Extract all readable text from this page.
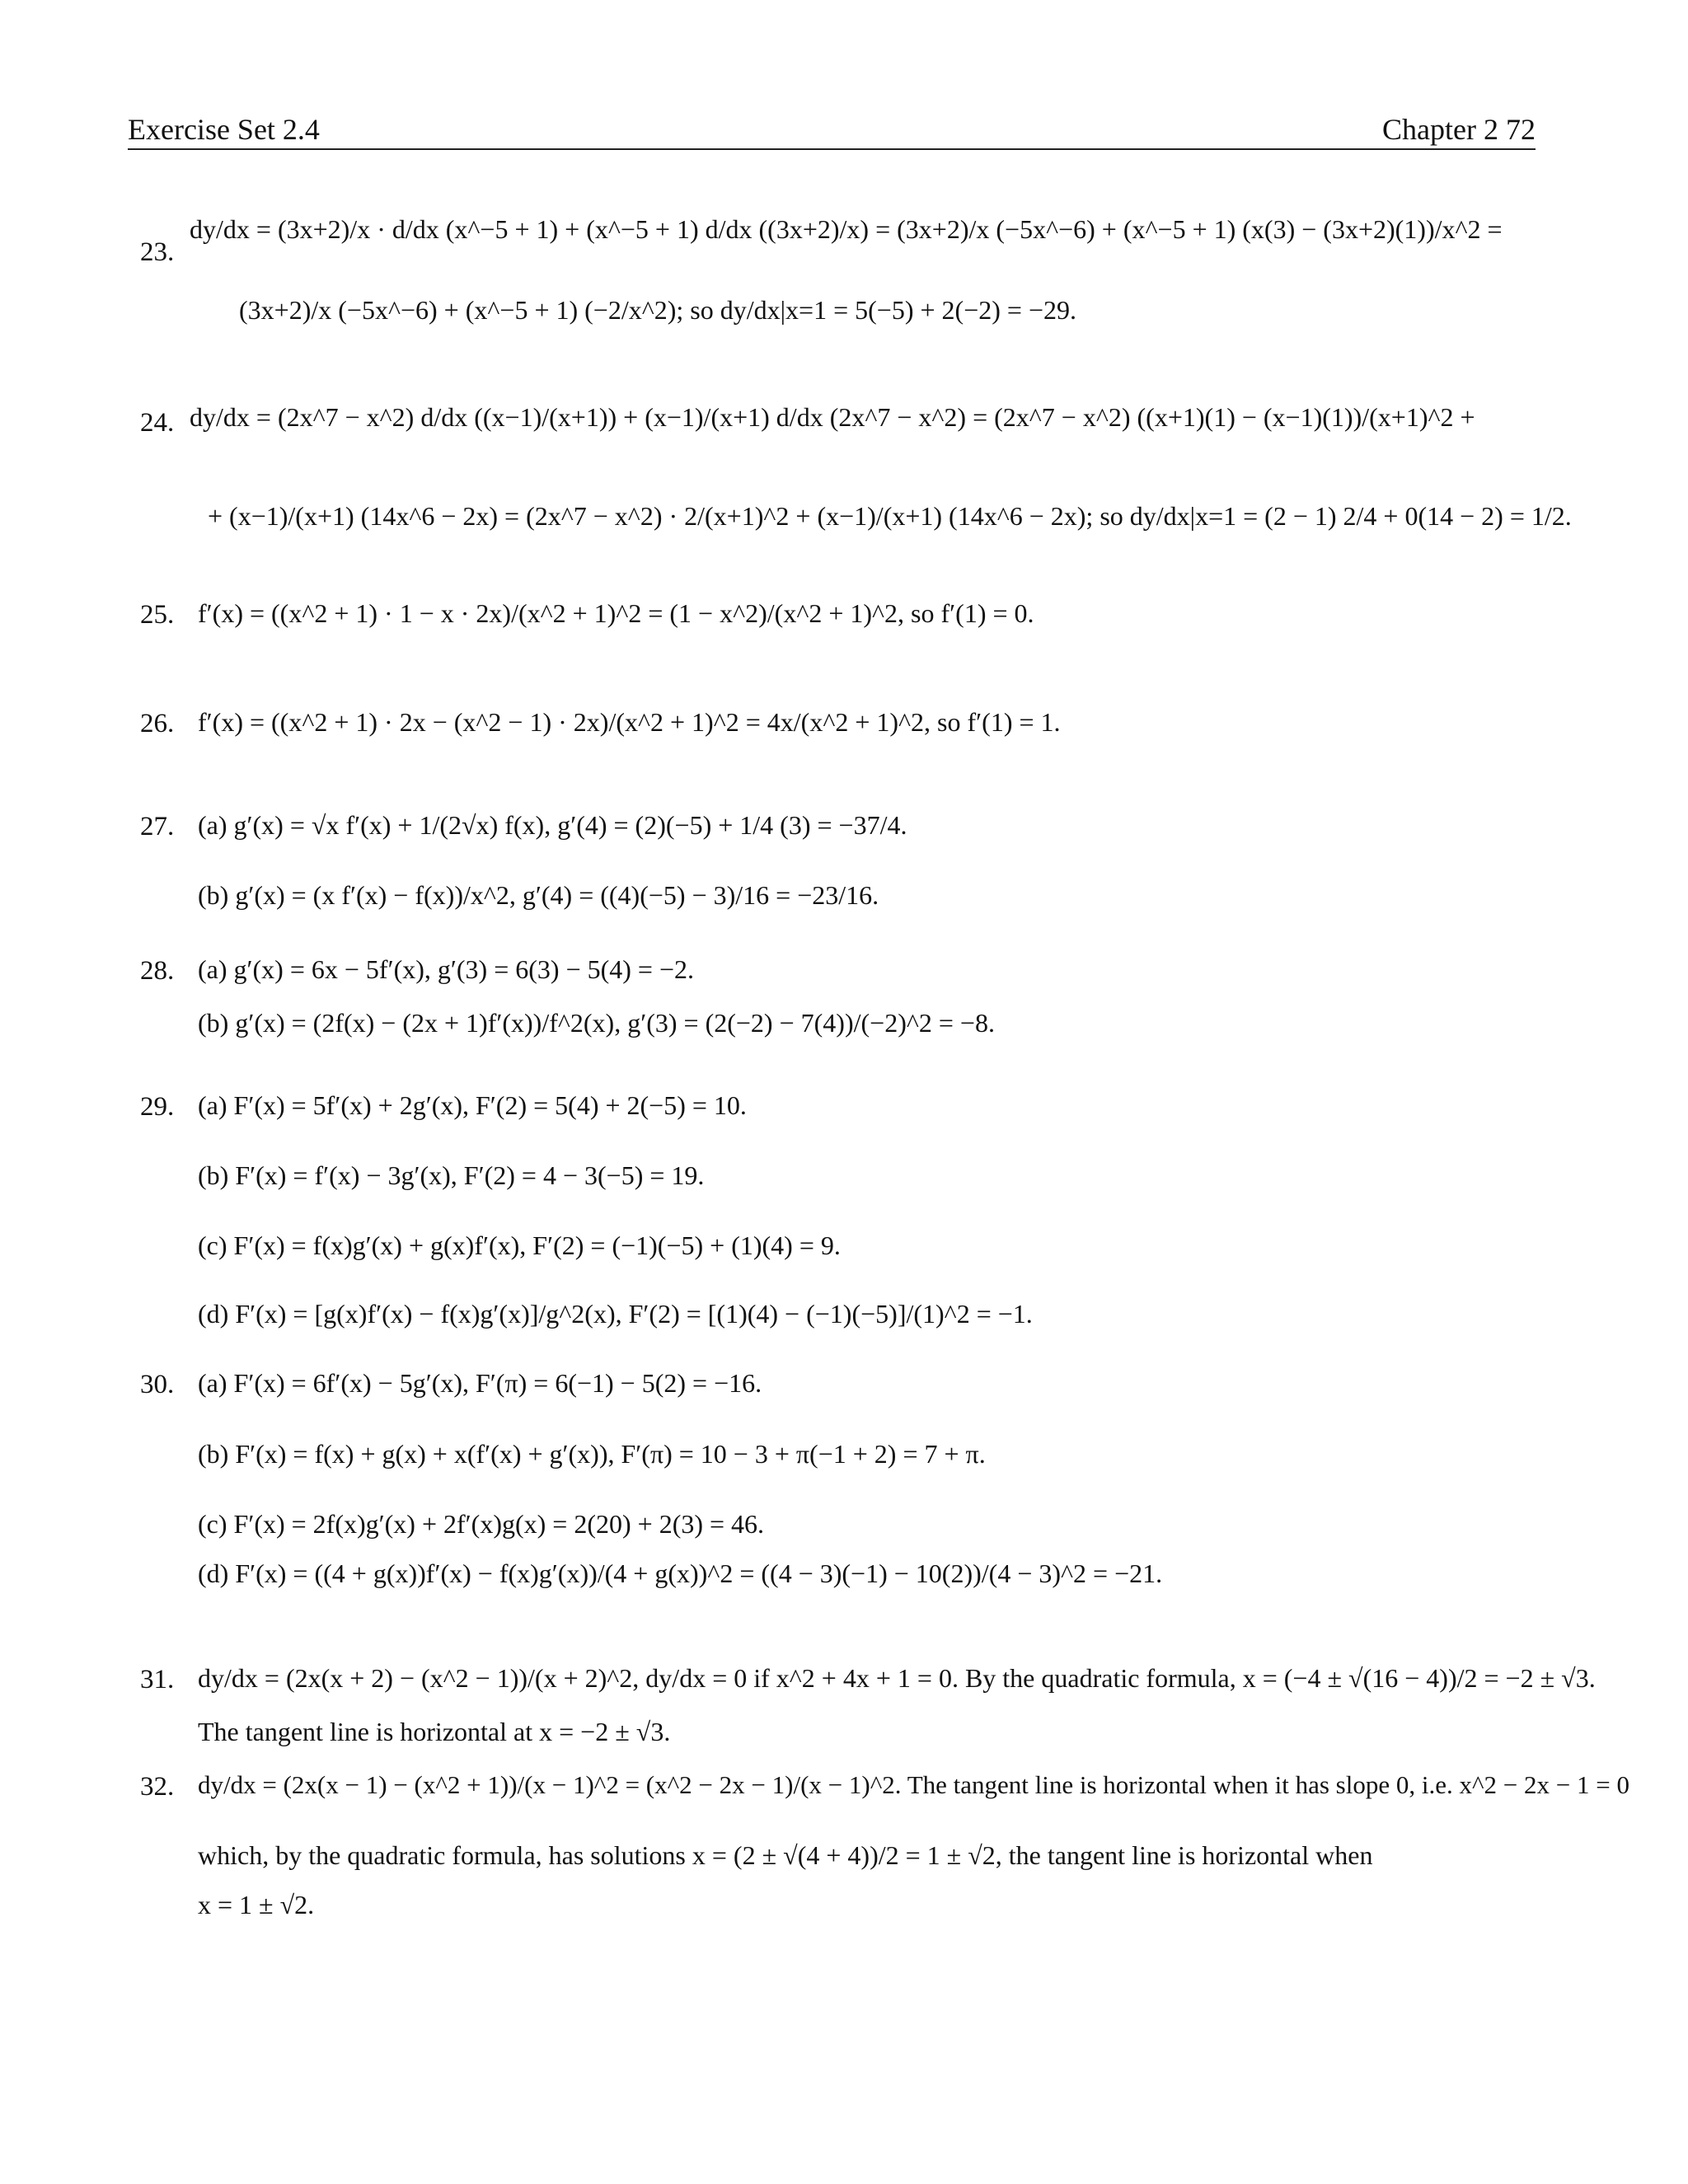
Exercise Set 2.4	Chapter 2 72
23.
dy/dx = (3x+2)/x · d/dx (x^−5 + 1) + (x^−5 + 1) d/dx ((3x+2)/x) = (3x+2)/x (−5x^−6) + (x^−5 + 1) (x(3) − (3x+2)(1))/x^2 =
(3x+2)/x (−5x^−6) + (x^−5 + 1) (−2/x^2); so dy/dx|x=1 = 5(−5) + 2(−2) = −29.
24. dy/dx = (2x^7 − x^2) d/dx ((x−1)/(x+1)) + (x−1)/(x+1) d/dx (2x^7 − x^2) = (2x^7 − x^2) ((x+1)(1) − (x−1)(1))/(x+1)^2 +
+ (x−1)/(x+1) (14x^6 − 2x) = (2x^7 − x^2) · 2/(x+1)^2 + (x−1)/(x+1) (14x^6 − 2x); so dy/dx|x=1 = (2 − 1) 2/4 + 0(14 − 2) = 1/2.
25. f′(x) = ((x^2 + 1) · 1 − x · 2x)/(x^2 + 1)^2 = (1 − x^2)/(x^2 + 1)^2, so f′(1) = 0.
26. f′(x) = ((x^2 + 1) · 2x − (x^2 − 1) · 2x)/(x^2 + 1)^2 = 4x/(x^2 + 1)^2, so f′(1) = 1.
27. (a) g′(x) = √x f′(x) + 1/(2√x) f(x), g′(4) = (2)(−5) + 1/4 (3) = −37/4.
(b) g′(x) = (x f′(x) − f(x))/x^2, g′(4) = ((4)(−5) − 3)/16 = −23/16.
28. (a) g′(x) = 6x − 5f′(x), g′(3) = 6(3) − 5(4) = −2.
(b) g′(x) = (2f(x) − (2x + 1)f′(x))/f^2(x), g′(3) = (2(−2) − 7(4))/(−2)^2 = −8.
29. (a) F′(x) = 5f′(x) + 2g′(x), F′(2) = 5(4) + 2(−5) = 10.
(b) F′(x) = f′(x) − 3g′(x), F′(2) = 4 − 3(−5) = 19.
(c) F′(x) = f(x)g′(x) + g(x)f′(x), F′(2) = (−1)(−5) + (1)(4) = 9.
(d) F′(x) = [g(x)f′(x) − f(x)g′(x)]/g^2(x), F′(2) = [(1)(4) − (−1)(−5)]/(1)^2 = −1.
30. (a) F′(x) = 6f′(x) − 5g′(x), F′(π) = 6(−1) − 5(2) = −16.
(b) F′(x) = f(x) + g(x) + x(f′(x) + g′(x)), F′(π) = 10 − 3 + π(−1 + 2) = 7 + π.
(c) F′(x) = 2f(x)g′(x) + 2f′(x)g(x) = 2(20) + 2(3) = 46.
(d) F′(x) = ((4 + g(x))f′(x) − f(x)g′(x))/(4 + g(x))^2 = ((4 − 3)(−1) − 10(2))/(4 − 3)^2 = −21.
31. dy/dx = (2x(x + 2) − (x^2 − 1))/(x + 2)^2, dy/dx = 0 if x^2 + 4x + 1 = 0. By the quadratic formula, x = (−4 ± √(16 − 4))/2 = −2 ± √3.
The tangent line is horizontal at x = −2 ± √3.
32. dy/dx = (2x(x − 1) − (x^2 + 1))/(x − 1)^2 = (x^2 − 2x − 1)/(x − 1)^2. The tangent line is horizontal when it has slope 0, i.e. x^2 − 2x − 1 = 0
which, by the quadratic formula, has solutions x = (2 ± √(4 + 4))/2 = 1 ± √2, the tangent line is horizontal when
x = 1 ± √2.
